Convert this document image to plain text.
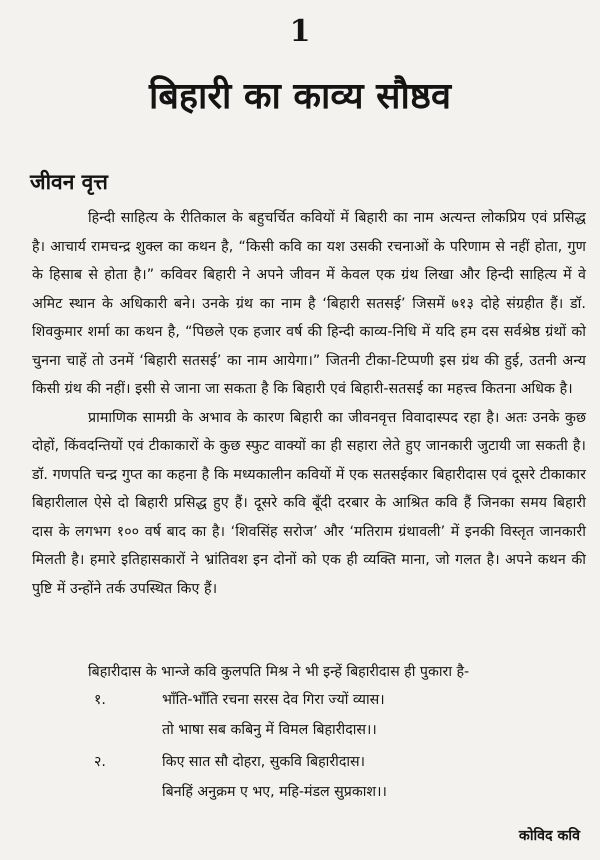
1
बिहारी का काव्य सौष्ठव
जीवन वृत्त

हिन्दी साहित्य के रीतिकाल के बहुचर्चित कवियों में बिहारी का नाम अत्यन्त लोकप्रिय एवं प्रसिद्ध है। आचार्य रामचन्द्र शुक्ल का कथन है, “किसी कवि का यश उसकी रचनाओं के परिणाम से नहीं होता, गुण के हिसाब से होता है।” कविवर बिहारी ने अपने जीवन में केवल एक ग्रंथ लिखा और हिन्दी साहित्य में वे अमिट स्थान के अधिकारी बने। उनके ग्रंथ का नाम है ‘बिहारी सतसई’ जिसमें ७१३ दोहे संग्रहीत हैं। डॉ. शिवकुमार शर्मा का कथन है, “पिछले एक हजार वर्ष की हिन्दी काव्य-निधि में यदि हम दस सर्वश्रेष्ठ ग्रंथों को चुनना चाहें तो उनमें ‘बिहारी सतसई’ का नाम आयेगा।” जितनी टीका-टिप्पणी इस ग्रंथ की हुई, उतनी अन्य किसी ग्रंथ की नहीं। इसी से जाना जा सकता है कि बिहारी एवं बिहारी-सतसई का महत्त्व कितना अधिक है।

प्रामाणिक सामग्री के अभाव के कारण बिहारी का जीवनवृत्त विवादास्पद रहा है। अतः उनके कुछ दोहों, किंवदन्तियों एवं टीकाकारों के कुछ स्फुट वाक्यों का ही सहारा लेते हुए जानकारी जुटायी जा सकती है। डॉ. गणपति चन्द्र गुप्त का कहना है कि मध्यकालीन कवियों में एक सतसईकार बिहारीदास एवं दूसरे टीकाकार बिहारीलाल ऐसे दो बिहारी प्रसिद्ध हुए हैं। दूसरे कवि बूँदी दरबार के आश्रित कवि हैं जिनका समय बिहारी दास के लगभग १०० वर्ष बाद का है। ‘शिवसिंह सरोज’ और ‘मतिराम ग्रंथावली’ में इनकी विस्तृत जानकारी मिलती है। हमारे इतिहासकारों ने भ्रांतिवश इन दोनों को एक ही व्यक्ति माना, जो गलत है। अपने कथन की पुष्टि में उन्होंने तर्क उपस्थित किए हैं।

बिहारीदास के भान्जे कवि कुलपति मिश्र ने भी इन्हें बिहारीदास ही पुकारा है-
१.	भाँति-भाँति रचना सरस देव गिरा ज्यों व्यास।
तो भाषा सब कबिनु में विमल बिहारीदास।।
२.	किए सात सौ दोहरा, सुकवि बिहारीदास।
बिनहिं अनुक्रम ए भए, महि-मंडल सुप्रकाश।।
कोविद कवि
